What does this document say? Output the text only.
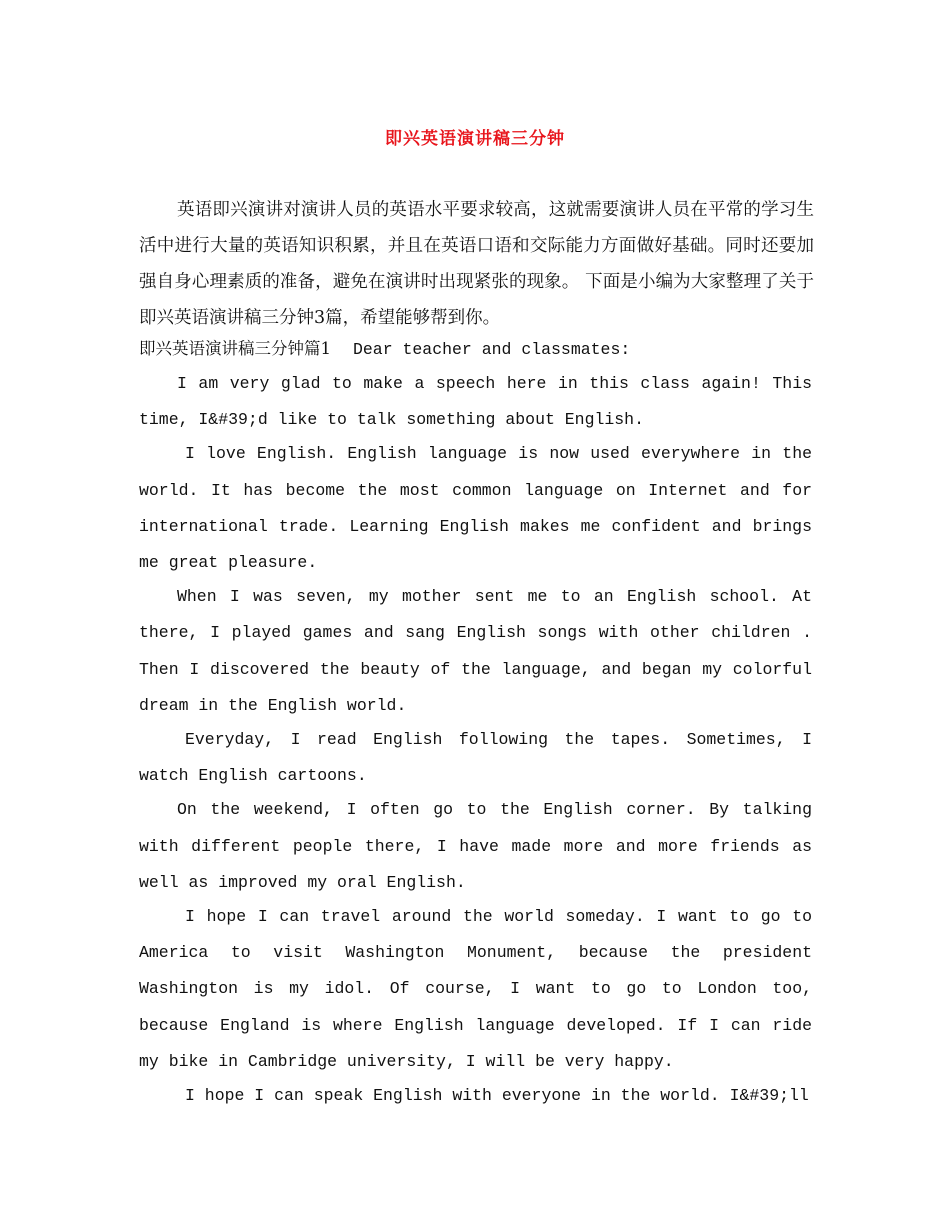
即兴英语演讲稿三分钟

英语即兴演讲对演讲人员的英语水平要求较高，这就需要演讲人员在平常的学习生活中进行大量的英语知识积累，并且在英语口语和交际能力方面做好基础。同时还要加强自身心理素质的准备，避免在演讲时出现紧张的现象。 下面是小编为大家整理了关于即兴英语演讲稿三分钟3篇，希望能够帮到你。

即兴英语演讲稿三分钟篇1 Dear teacher and classmates:

I am very glad to make a speech here in this class again! This time, I&#39;d like to talk something about English.

I love English. English language is now used everywhere in the world. It has become the most common language on Internet and for international trade. Learning English makes me confident and brings me great pleasure.

When I was seven, my mother sent me to an English school. At there, I played games and sang English songs with other children . Then I discovered the beauty of the language, and began my colorful dream in the English world.

Everyday, I read English following the tapes. Sometimes, I watch English cartoons.

On the weekend, I often go to the English corner. By talking with different people there, I have made more and more friends as well as improved my oral English.

I hope I can travel around the world someday. I want to go to America to visit Washington Monument, because the president Washington is my idol. Of course, I want to go to London too, because England is where English language developed. If I can ride my bike in Cambridge university, I will be very happy.

I hope I can speak English with everyone in the world. I&#39;ll
